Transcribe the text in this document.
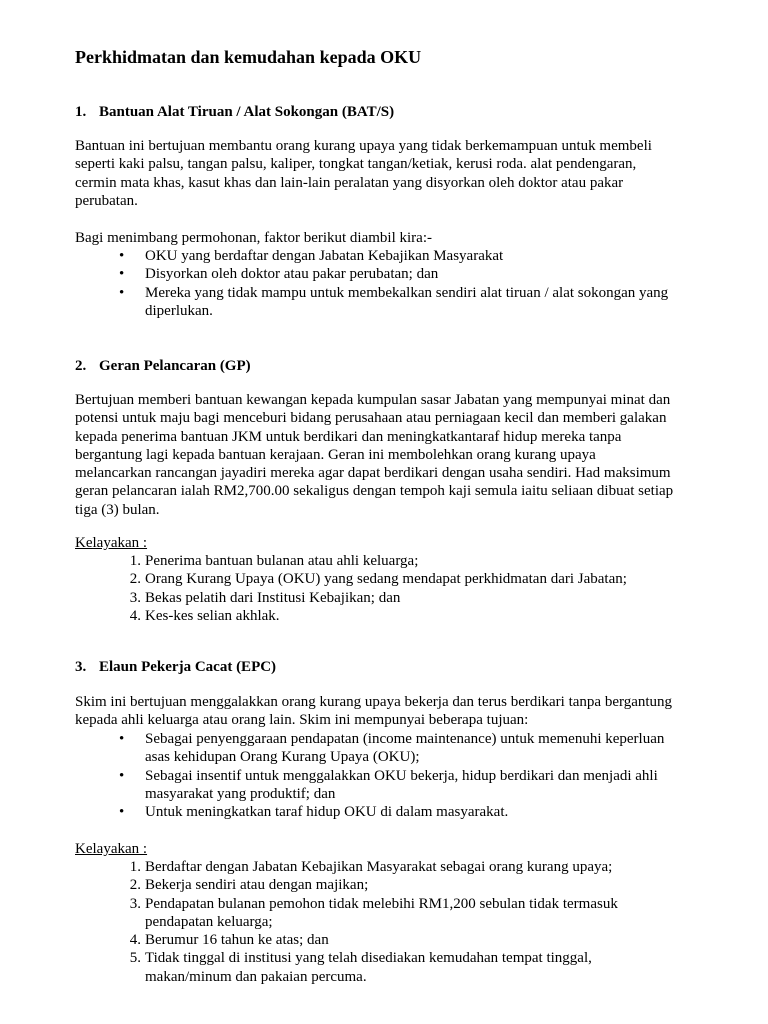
Perkhidmatan dan kemudahan kepada OKU
1. Bantuan Alat Tiruan / Alat Sokongan (BAT/S)

Bantuan ini bertujuan membantu orang kurang upaya yang tidak berkemampuan untuk membeli
seperti kaki palsu, tangan palsu, kaliper, tongkat tangan/ketiak, kerusi roda. alat pendengaran,
cermin mata khas, kasut khas dan lain-lain peralatan yang disyorkan oleh doktor atau pakar
perubatan.

Bagi menimbang permohonan, faktor berikut diambil kira:-

•	OKU yang berdaftar dengan Jabatan Kebajikan Masyarakat
•	Disyorkan oleh doktor atau pakar perubatan; dan
•	Mereka yang tidak mampu untuk membekalkan sendiri alat tiruan / alat sokongan yang
diperlukan.
2. Geran Pelancaran (GP)

Bertujuan memberi bantuan kewangan kepada kumpulan sasar Jabatan yang mempunyai minat dan
potensi untuk maju bagi menceburi bidang perusahaan atau perniagaan kecil dan memberi galakan
kepada penerima bantuan JKM untuk berdikari dan meningkatkantaraf hidup mereka tanpa
bergantung lagi kepada bantuan kerajaan. Geran ini membolehkan orang kurang upaya
melancarkan rancangan jayadiri mereka agar dapat berdikari dengan usaha sendiri. Had maksimum
geran pelancaran ialah RM2,700.00 sekaligus dengan tempoh kaji semula iaitu seliaan dibuat setiap
tiga (3) bulan.

Kelayakan :

1. Penerima bantuan bulanan atau ahli keluarga;
2. Orang Kurang Upaya (OKU) yang sedang mendapat perkhidmatan dari Jabatan;
3. Bekas pelatih dari Institusi Kebajikan; dan
4. Kes-kes selian akhlak.
3. Elaun Pekerja Cacat (EPC)

Skim ini bertujuan menggalakkan orang kurang upaya bekerja dan terus berdikari tanpa bergantung
kepada ahli keluarga atau orang lain. Skim ini mempunyai beberapa tujuan:

•	Sebagai penyenggaraan pendapatan (income maintenance) untuk memenuhi keperluan
asas kehidupan Orang Kurang Upaya (OKU);
•	Sebagai insentif untuk menggalakkan OKU bekerja, hidup berdikari dan menjadi ahli
masyarakat yang produktif; dan
•	Untuk meningkatkan taraf hidup OKU di dalam masyarakat.

Kelayakan :

1. Berdaftar dengan Jabatan Kebajikan Masyarakat sebagai orang kurang upaya;
2. Bekerja sendiri atau dengan majikan;
3. Pendapatan bulanan pemohon tidak melebihi RM1,200 sebulan tidak termasuk
pendapatan keluarga;
4. Berumur 16 tahun ke atas; dan
5. Tidak tinggal di institusi yang telah disediakan kemudahan tempat tinggal,
makan/minum dan pakaian percuma.
